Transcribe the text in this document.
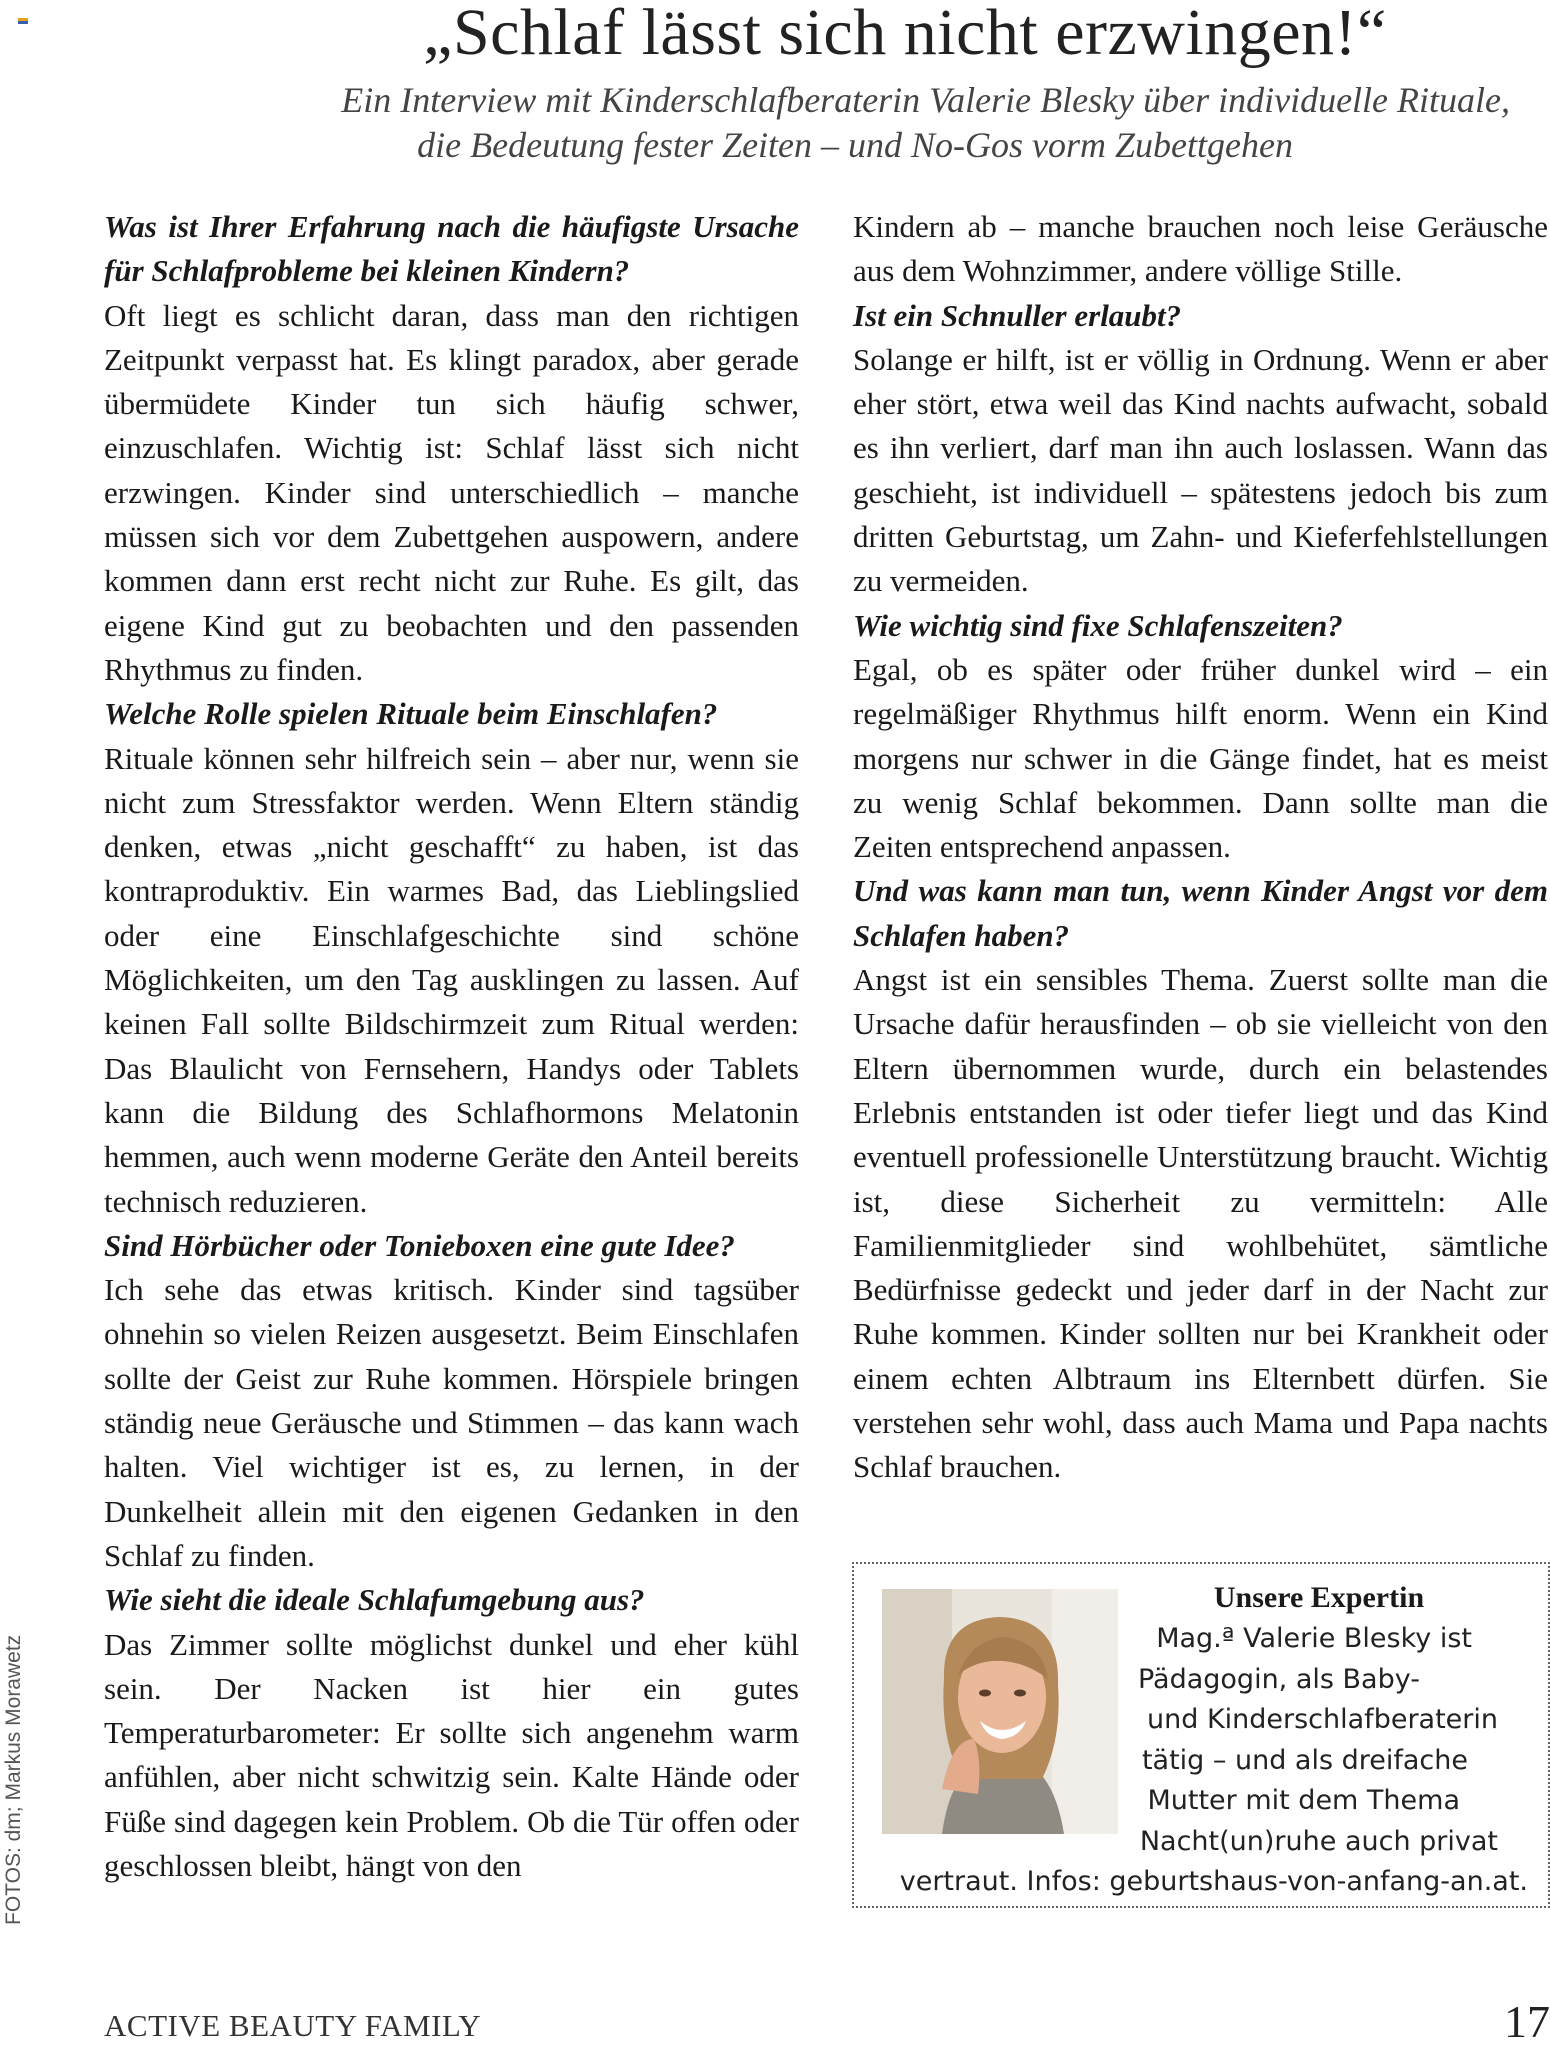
„Schlaf lässt sich nicht erzwingen!“
Ein Interview mit Kinderschlafberaterin Valerie Blesky über individuelle Rituale,
die Bedeutung fester Zeiten – und No-Gos vorm Zubettgehen

Was ist Ihrer Erfahrung nach die häufigste Ursache für Schlafprobleme bei kleinen Kindern?

Oft liegt es schlicht daran, dass man den richtigen Zeitpunkt verpasst hat. Es klingt paradox, aber gerade übermüdete Kinder tun sich häufig schwer, einzuschlafen. Wichtig ist: Schlaf lässt sich nicht erzwingen. Kinder sind unterschiedlich – manche müssen sich vor dem Zubettgehen auspowern, andere kommen dann erst recht nicht zur Ruhe. Es gilt, das eigene Kind gut zu beobachten und den passenden Rhythmus zu finden.

Welche Rolle spielen Rituale beim Einschlafen?

Rituale können sehr hilfreich sein – aber nur, wenn sie nicht zum Stressfaktor werden. Wenn Eltern ständig denken, etwas „nicht geschafft“ zu haben, ist das kontraproduktiv. Ein warmes Bad, das Lieblingslied oder eine Einschlafgeschichte sind schöne Möglichkeiten, um den Tag ausklingen zu lassen. Auf keinen Fall sollte Bildschirmzeit zum Ritual werden: Das Blaulicht von Fernsehern, Handys oder Tablets kann die Bildung des Schlafhormons Melatonin hemmen, auch wenn moderne Geräte den Anteil bereits technisch reduzieren.

Sind Hörbücher oder Tonieboxen eine gute Idee?

Ich sehe das etwas kritisch. Kinder sind tagsüber ohnehin so vielen Reizen ausgesetzt. Beim Einschlafen sollte der Geist zur Ruhe kommen. Hörspiele bringen ständig neue Geräusche und Stimmen – das kann wach halten. Viel wichtiger ist es, zu lernen, in der Dunkelheit allein mit den eigenen Gedanken in den Schlaf zu finden.

Wie sieht die ideale Schlafumgebung aus?

Das Zimmer sollte möglichst dunkel und eher kühl sein. Der Nacken ist hier ein gutes Temperaturbarometer: Er sollte sich angenehm warm anfühlen, aber nicht schwitzig sein. Kalte Hände oder Füße sind dagegen kein Problem. Ob die Tür offen oder geschlossen bleibt, hängt von den

Kindern ab – manche brauchen noch leise Geräusche aus dem Wohnzimmer, andere völlige Stille.

Ist ein Schnuller erlaubt?

Solange er hilft, ist er völlig in Ordnung. Wenn er aber eher stört, etwa weil das Kind nachts aufwacht, sobald es ihn verliert, darf man ihn auch loslassen. Wann das geschieht, ist individuell – spätestens jedoch bis zum dritten Geburtstag, um Zahn- und Kieferfehlstellungen zu vermeiden.

Wie wichtig sind fixe Schlafenszeiten?

Egal, ob es später oder früher dunkel wird – ein regelmäßiger Rhythmus hilft enorm. Wenn ein Kind morgens nur schwer in die Gänge findet, hat es meist zu wenig Schlaf bekommen. Dann sollte man die Zeiten entsprechend anpassen.

Und was kann man tun, wenn Kinder Angst vor dem Schlafen haben?

Angst ist ein sensibles Thema. Zuerst sollte man die Ursache dafür herausfinden – ob sie vielleicht von den Eltern übernommen wurde, durch ein belastendes Erlebnis entstanden ist oder tiefer liegt und das Kind eventuell professionelle Unterstützung braucht. Wichtig ist, diese Sicherheit zu vermitteln: Alle Familienmitglieder sind wohlbehütet, sämtliche Bedürfnisse gedeckt und jeder darf in der Nacht zur Ruhe kommen. Kinder sollten nur bei Krankheit oder einem echten Albtraum ins Elternbett dürfen. Sie verstehen sehr wohl, dass auch Mama und Papa nachts Schlaf brauchen.

FOTOS: dm; Markus Morawetz
Unsere Expertin
Mag.ª Valerie Blesky ist
Pädagogin, als Baby-
und Kinderschlafberaterin
tätig – und als dreifache
Mutter mit dem Thema
Nacht(un)ruhe auch privat
vertraut. Infos: geburtshaus-von-anfang-an.at.
ACTIVE BEAUTY FAMILY	17
